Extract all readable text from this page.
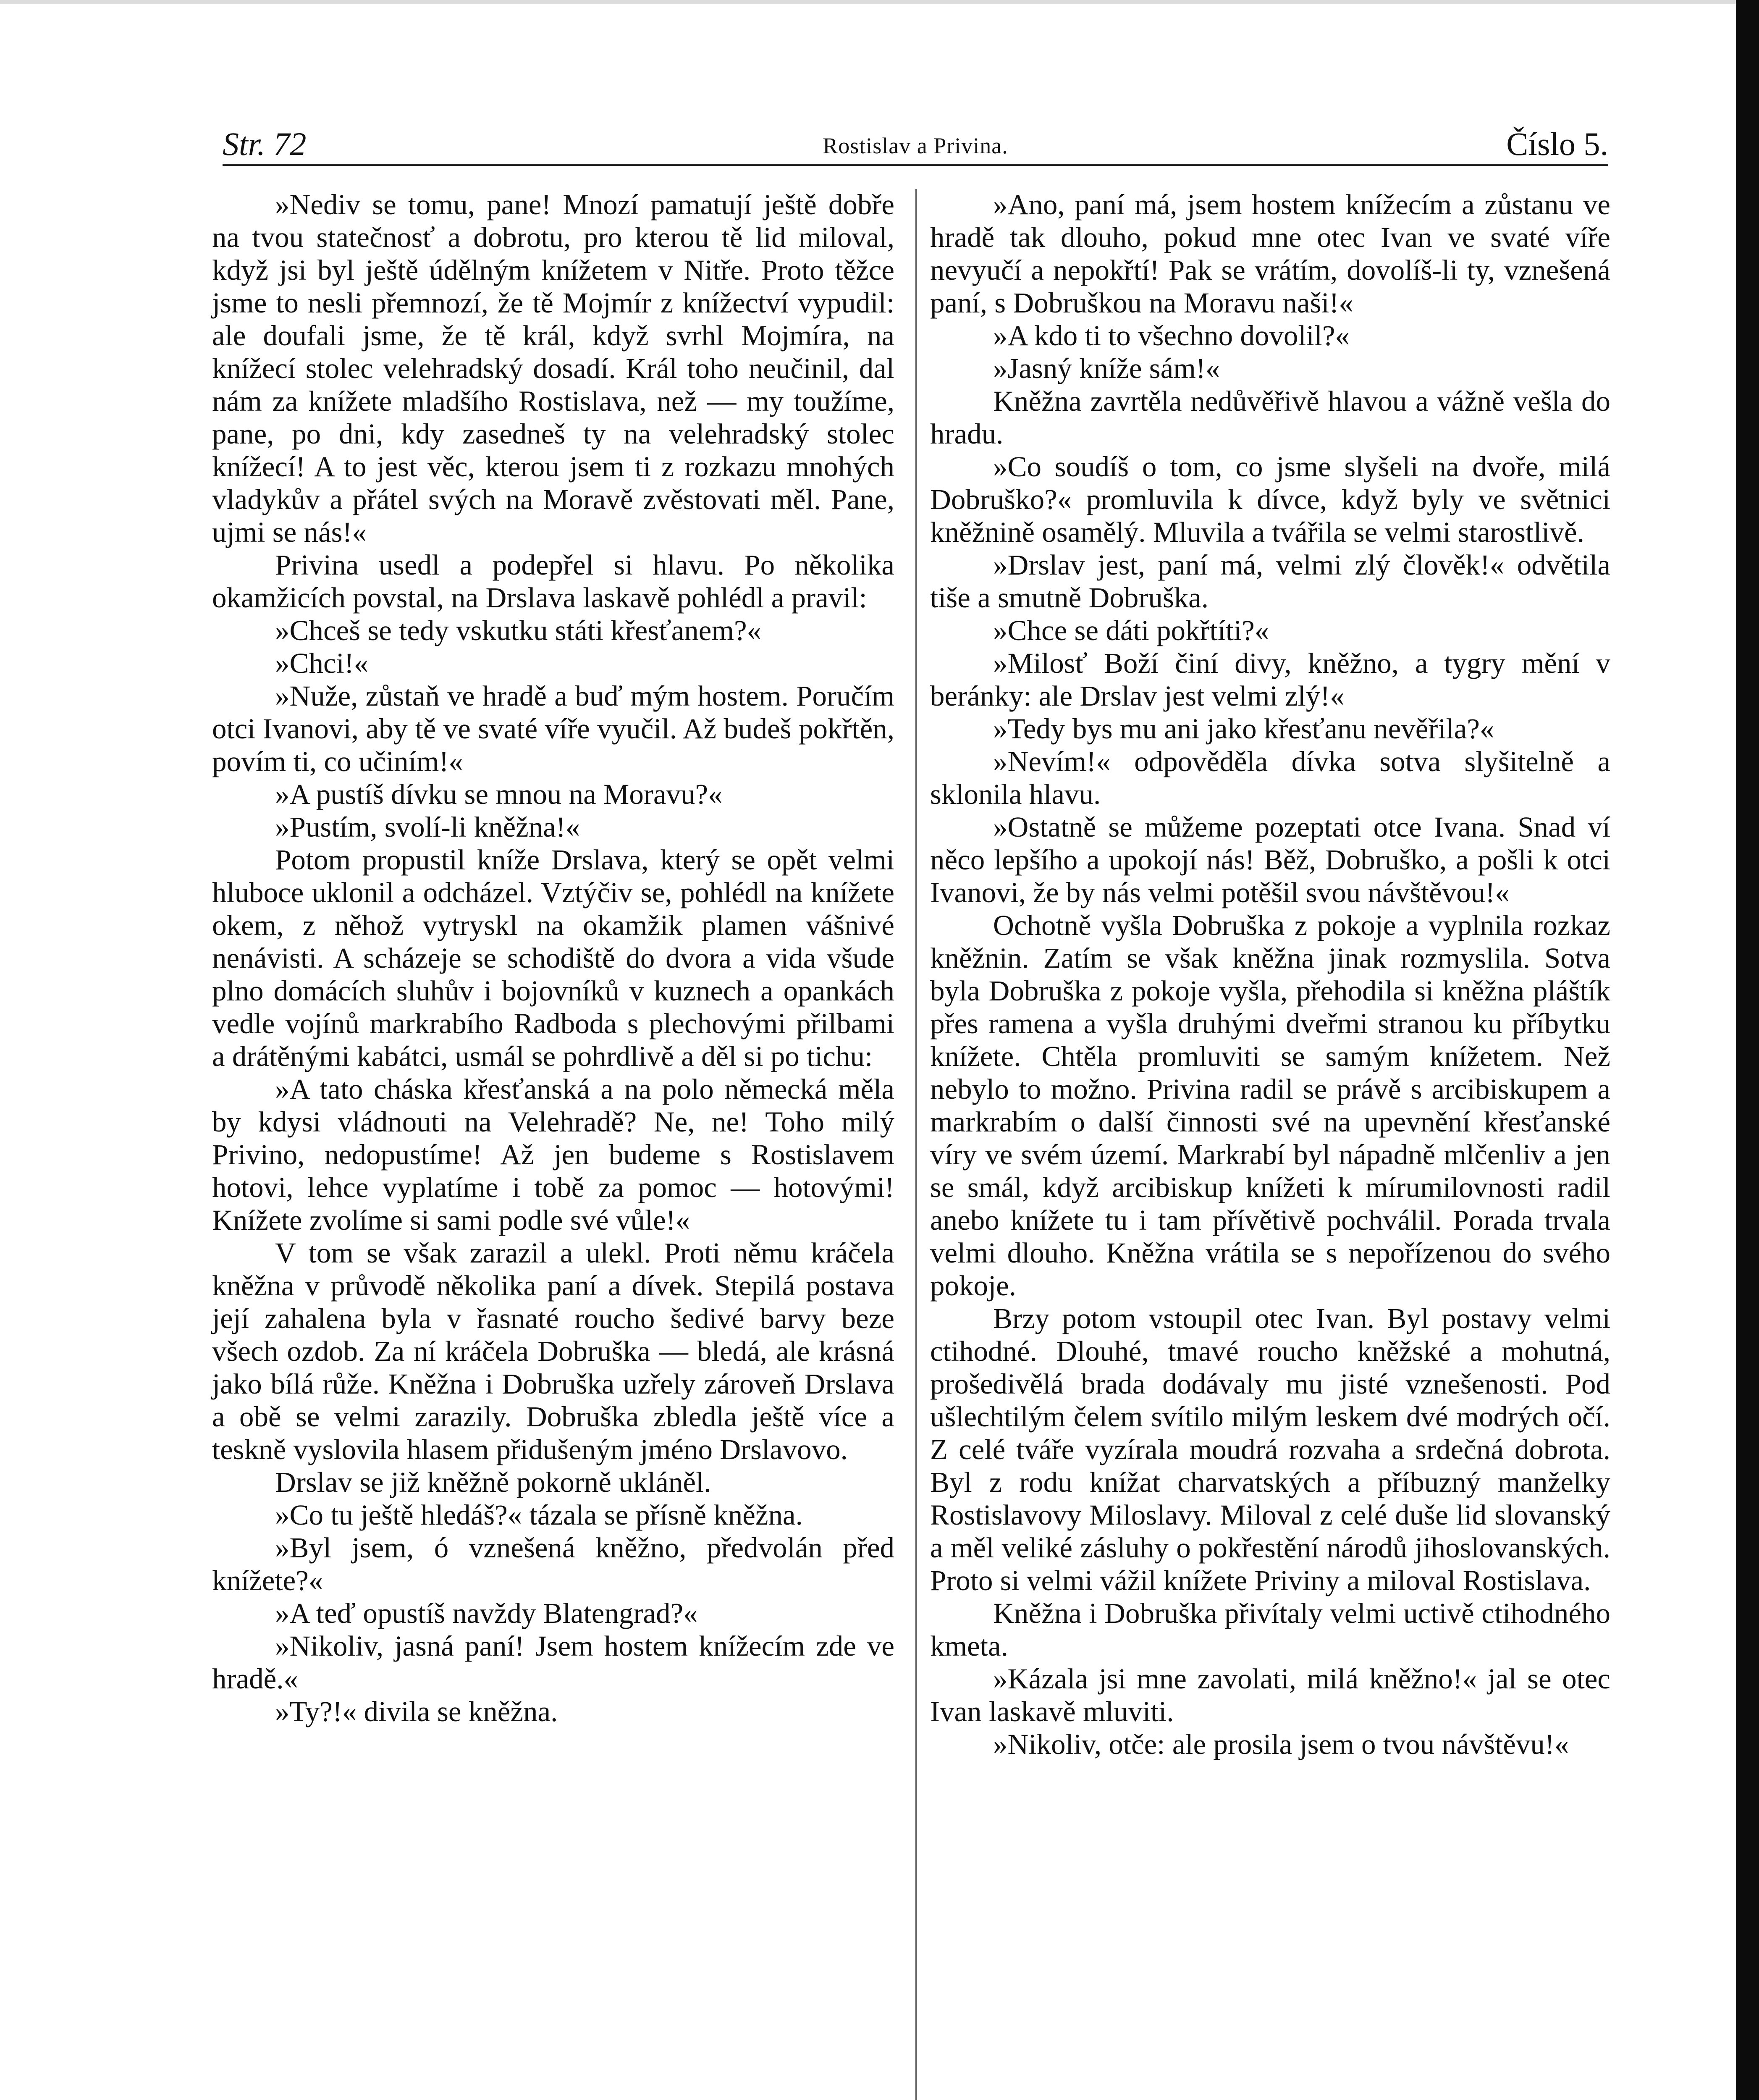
Str. 72	Rostislav a Privina.	Číslo 5.

»Nediv se tomu, pane! Mnozí pamatují ještě dobře na tvou statečnosť a dobrotu, pro kterou tě lid miloval, když jsi byl ještě údělným knížetem v Nitře. Proto těžce jsme to nesli přemnozí, že tě Mojmír z knížectví vypudil: ale doufali jsme, že tě král, když svrhl Mojmíra, na knížecí stolec velehradský dosadí. Král toho neučinil, dal nám za knížete mladšího Rostislava, než — my toužíme, pane, po dni, kdy zasedneš ty na velehradský stolec knížecí! A to jest věc, kterou jsem ti z rozkazu mnohých vladykův a přátel svých na Moravě zvěstovati měl. Pane, ujmi se nás!«

Privina usedl a podepřel si hlavu. Po několika okamžicích povstal, na Drslava laskavě pohlédl a pravil:

»Chceš se tedy vskutku státi křesťanem?«

»Chci!«

»Nuže, zůstaň ve hradě a buď mým hostem. Poručím otci Ivanovi, aby tě ve svaté víře vyučil. Až budeš pokřtěn, povím ti, co učiním!«

»A pustíš dívku se mnou na Moravu?«

»Pustím, svolí-li kněžna!«

Potom propustil kníže Drslava, který se opět velmi hluboce uklonil a odcházel. Vztýčiv se, pohlédl na knížete okem, z něhož vytryskl na okamžik plamen vášnivé nenávisti. A scházeje se schodiště do dvora a vida všude plno domácích sluhův i bojovníků v kuznech a opankách vedle vojínů markrabího Radboda s plechovými přilbami a drátěnými kabátci, usmál se pohrdlivě a děl si po tichu:

»A tato cháska křesťanská a na polo německá měla by kdysi vládnouti na Velehradě? Ne, ne! Toho milý Privino, nedopustíme! Až jen budeme s Rostislavem hotovi, lehce vyplatíme i tobě za pomoc — hotovými! Knížete zvolíme si sami podle své vůle!«

V tom se však zarazil a ulekl. Proti němu kráčela kněžna v průvodě několika paní a dívek. Stepilá postava její zahalena byla v řasnaté roucho šedivé barvy beze všech ozdob. Za ní kráčela Dobruška — bledá, ale krásná jako bílá růže. Kněžna i Dobruška uzřely zároveň Drslava a obě se velmi zarazily. Dobruška zbledla ještě více a teskně vyslovila hlasem přidušeným jméno Drslavovo.

Drslav se již kněžně pokorně ukláněl.

»Co tu ještě hledáš?« tázala se přísně kněžna.

»Byl jsem, ó vznešená kněžno, předvolán před knížete?«

»A teď opustíš navždy Blatengrad?«

»Nikoliv, jasná paní! Jsem hostem knížecím zde ve hradě.«

»Ty?!« divila se kněžna.

»Ano, paní má, jsem hostem knížecím a zůstanu ve hradě tak dlouho, pokud mne otec Ivan ve svaté víře nevyučí a nepokřtí! Pak se vrátím, dovolíš-li ty, vznešená paní, s Dobruškou na Moravu naši!«

»A kdo ti to všechno dovolil?«

»Jasný kníže sám!«

Kněžna zavrtěla nedůvěřivě hlavou a vážně vešla do hradu.

»Co soudíš o tom, co jsme slyšeli na dvoře, milá Dobruško?« promluvila k dívce, když byly ve světnici kněžnině osamělý. Mluvila a tvářila se velmi starostlivě.

»Drslav jest, paní má, velmi zlý člověk!« odvětila tiše a smutně Dobruška.

»Chce se dáti pokřtíti?«

»Milosť Boží činí divy, kněžno, a tygry mění v beránky: ale Drslav jest velmi zlý!«

»Tedy bys mu ani jako křesťanu nevěřila?«

»Nevím!« odpověděla dívka sotva slyšitelně a sklonila hlavu.

»Ostatně se můžeme pozeptati otce Ivana. Snad ví něco lepšího a upokojí nás! Běž, Dobruško, a pošli k otci Ivanovi, že by nás velmi potěšil svou návštěvou!«

Ochotně vyšla Dobruška z pokoje a vyplnila rozkaz kněžnin. Zatím se však kněžna jinak rozmyslila. Sotva byla Dobruška z pokoje vyšla, přehodila si kněžna pláštík přes ramena a vyšla druhými dveřmi stranou ku příbytku knížete. Chtěla promluviti se samým knížetem. Než nebylo to možno. Privina radil se právě s arcibiskupem a markrabím o další činnosti své na upevnění křesťanské víry ve svém území. Markrabí byl nápadně mlčenliv a jen se smál, když arcibiskup knížeti k mírumilovnosti radil anebo knížete tu i tam přívětivě pochválil. Porada trvala velmi dlouho. Kněžna vrátila se s nepořízenou do svého pokoje.

Brzy potom vstoupil otec Ivan. Byl postavy velmi ctihodné. Dlouhé, tmavé roucho kněžské a mohutná, prošedivělá brada dodávaly mu jisté vznešenosti. Pod ušlechtilým čelem svítilo milým leskem dvé modrých očí. Z celé tváře vyzírala moudrá rozvaha a srdečná dobrota. Byl z rodu knížat charvatských a příbuzný manželky Rostislavovy Miloslavy. Miloval z celé duše lid slovanský a měl veliké zásluhy o pokřestění národů jihoslovanských. Proto si velmi vážil knížete Priviny a miloval Rostislava.

Kněžna i Dobruška přivítaly velmi uctivě ctihodného kmeta.

»Kázala jsi mne zavolati, milá kněžno!« jal se otec Ivan laskavě mluviti.

»Nikoliv, otče: ale prosila jsem o tvou návštěvu!«
